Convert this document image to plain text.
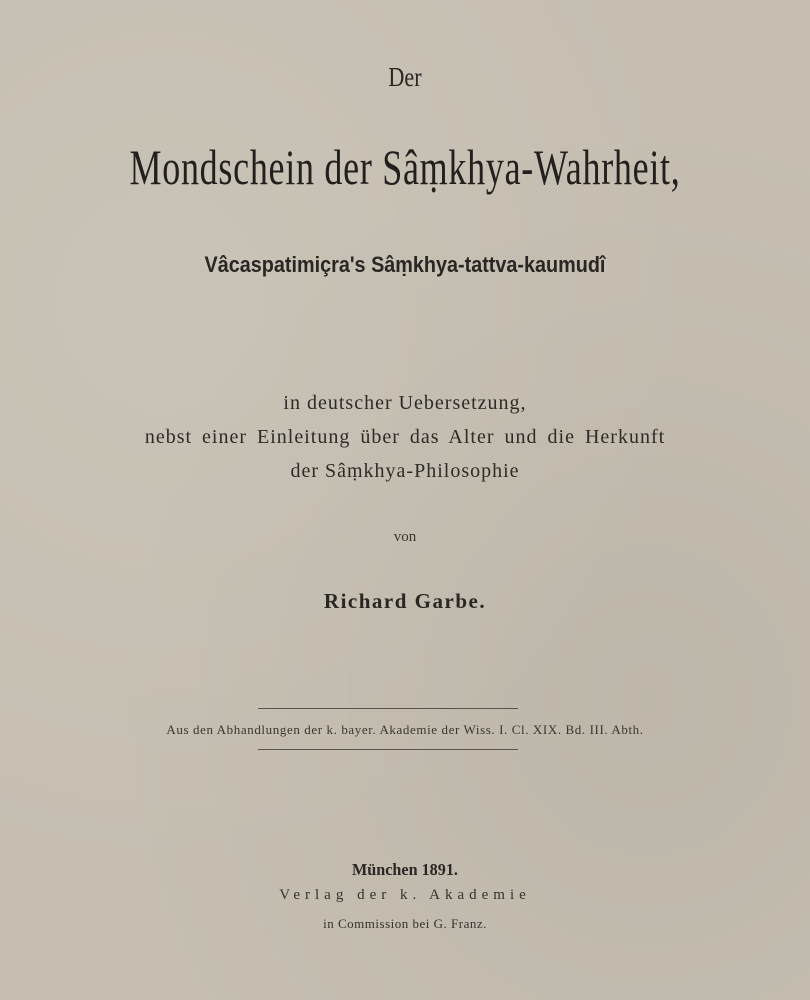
Der
Mondschein der Sâṃkhya-Wahrheit,
Vâcaspatimiçra's Sâṃkhya-tattva-kaumudî
in deutscher Uebersetzung,
nebst einer Einleitung über das Alter und die Herkunft
der Sâṃkhya-Philosophie
von
Richard Garbe.
Aus den Abhandlungen der k. bayer. Akademie der Wiss. I. Cl. XIX. Bd. III. Abth.
München 1891.
Verlag der k. Akademie
in Commission bei G. Franz.
